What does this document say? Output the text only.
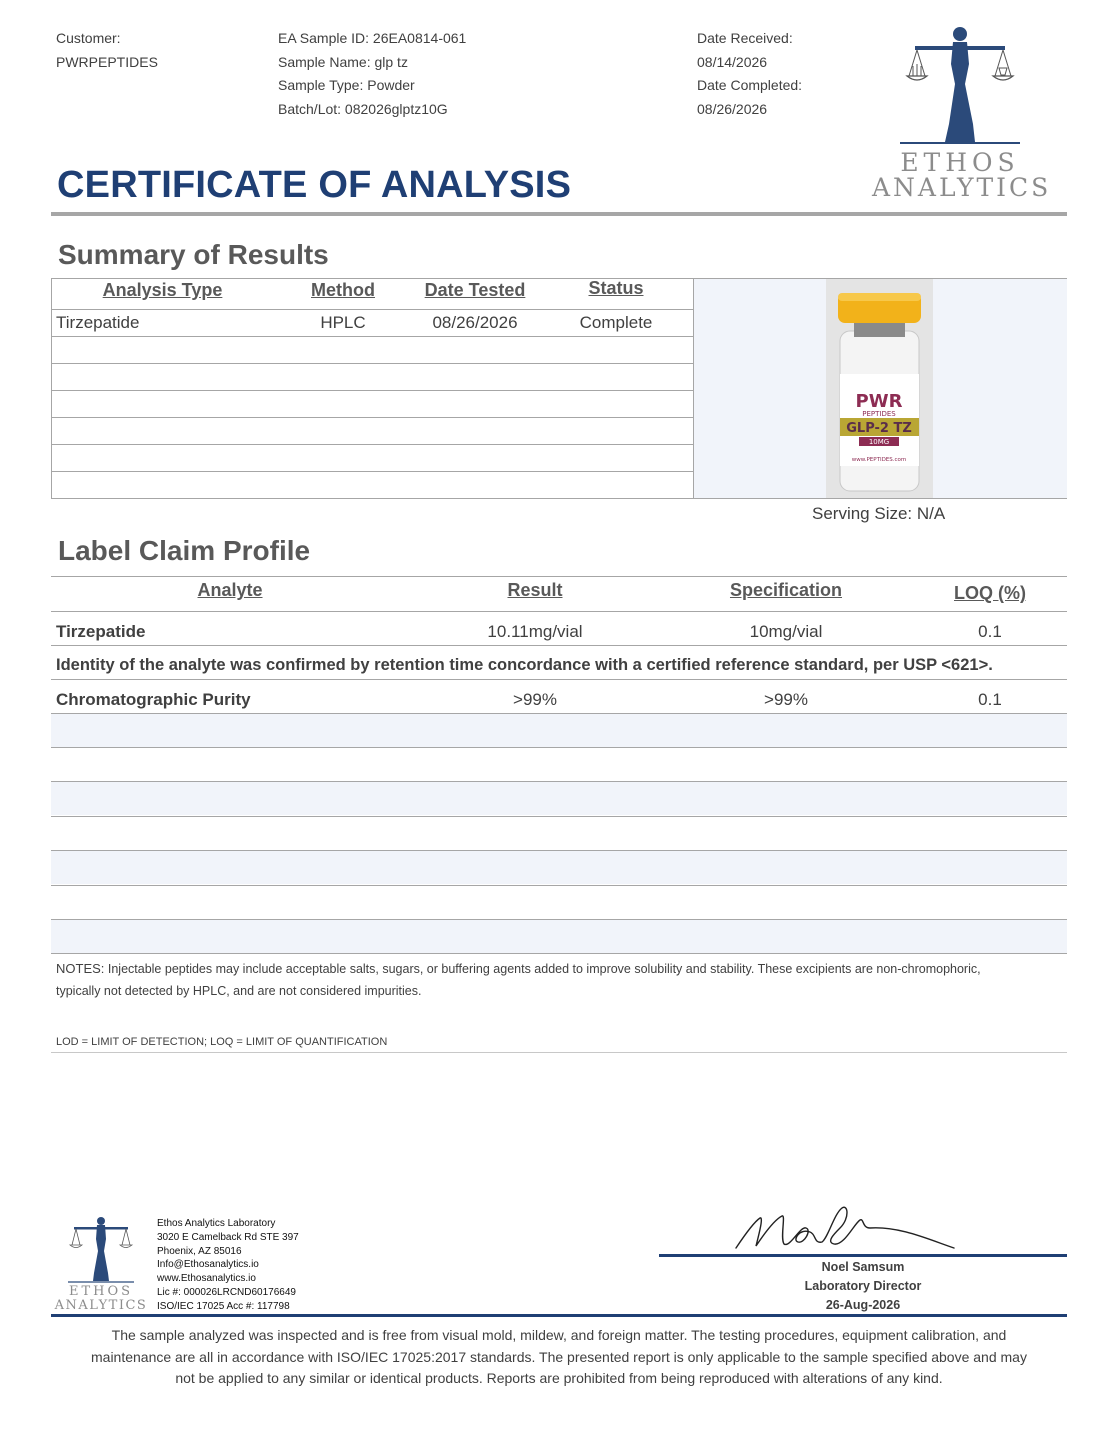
Customer:
PWRPEPTIDES
EA Sample ID: 26EA0814-061
Sample Name: glp tz
Sample Type: Powder
Batch/Lot: 082026glptz10G
Date Received:
08/14/2026
Date Completed:
08/26/2026
ETHOS
ANALYTICS
CERTIFICATE OF ANALYSIS
Summary of Results
PWR
PEPTIDES
GLP-2 TZ
10MG
www.PEPTIDES.com
Analysis Type	Method	Date Tested	Status
Tirzepatide	HPLC	08/26/2026	Complete
Serving Size: N/A
Label Claim Profile
Analyte	Result	Specification	LOQ (%)
Tirzepatide	10.11mg/vial	10mg/vial	0.1
Identity of the analyte was confirmed by retention time concordance with a certified reference standard, per USP <621>.
Chromatographic Purity	>99%	>99%	0.1
NOTES: Injectable peptides may include acceptable salts, sugars, or buffering agents added to improve solubility and stability. These excipients are non-chromophoric,
typically not detected by HPLC, and are not considered impurities.
LOD = LIMIT OF DETECTION; LOQ = LIMIT OF QUANTIFICATION
ETHOS
ANALYTICS
Ethos Analytics Laboratory
3020 E Camelback Rd STE 397
Phoenix, AZ 85016
Info@Ethosanalytics.io
www.Ethosanalytics.io
Lic #: 000026LRCND60176649
ISO/IEC 17025 Acc #: 117798
Noel Samsum
Laboratory Director
26-Aug-2026
The sample analyzed was inspected and is free from visual mold, mildew, and foreign matter. The testing procedures, equipment calibration, and
maintenance are all in accordance with ISO/IEC 17025:2017 standards. The presented report is only applicable to the sample specified above and may
not be applied to any similar or identical products. Reports are prohibited from being reproduced with alterations of any kind.
